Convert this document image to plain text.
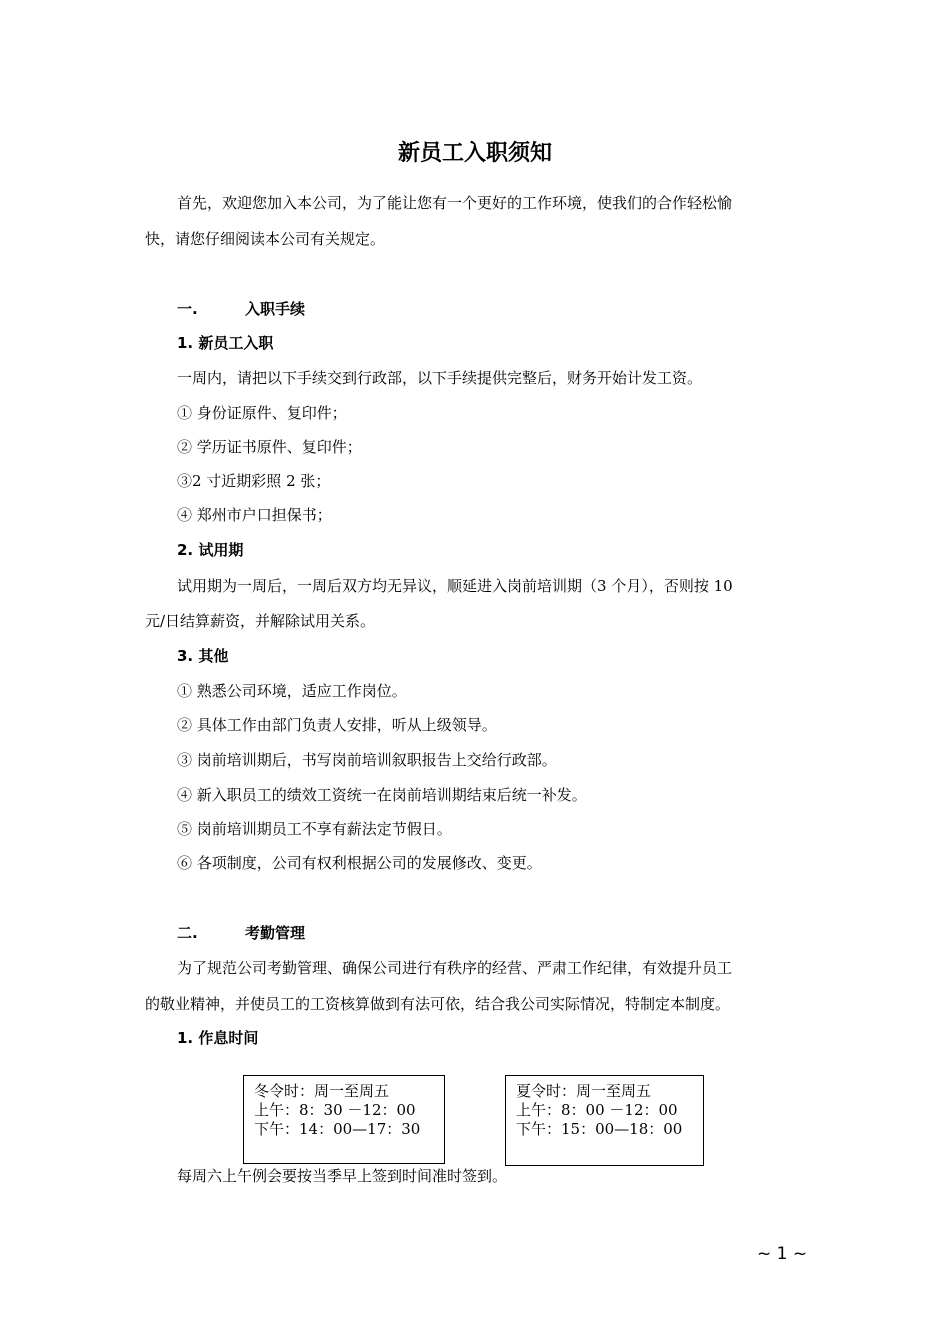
新员工入职须知
首先，欢迎您加入本公司，为了能让您有一个更好的工作环境，使我们的合作轻松愉
快，请您仔细阅读本公司有关规定。
一.	入职手续
1. 新员工入职
一周内，请把以下手续交到行政部，以下手续提供完整后，财务开始计发工资。
① 身份证原件、复印件；
② 学历证书原件、复印件；
③2 寸近期彩照 2 张；
④ 郑州市户口担保书；
2. 试用期
试用期为一周后，一周后双方均无异议，顺延进入岗前培训期（3 个月），否则按 10
元/日结算薪资，并解除试用关系。
3. 其他
① 熟悉公司环境，适应工作岗位。
② 具体工作由部门负责人安排，听从上级领导。
③ 岗前培训期后，书写岗前培训叙职报告上交给行政部。
④ 新入职员工的绩效工资统一在岗前培训期结束后统一补发。
⑤ 岗前培训期员工不享有薪法定节假日。
⑥ 各项制度，公司有权利根据公司的发展修改、变更。
二.	考勤管理
为了规范公司考勤管理、确保公司进行有秩序的经营、严肃工作纪律，有效提升员工
的敬业精神，并使员工的工资核算做到有法可依，结合我公司实际情况，特制定本制度。
1. 作息时间
冬令时：周一至周五
上午：8：30 －12：00
下午：14：00—17：30
夏令时：周一至周五
上午：8：00 －12：00
下午：15：00—18：00
每周六上午例会要按当季早上签到时间准时签到。
~ 1 ~
